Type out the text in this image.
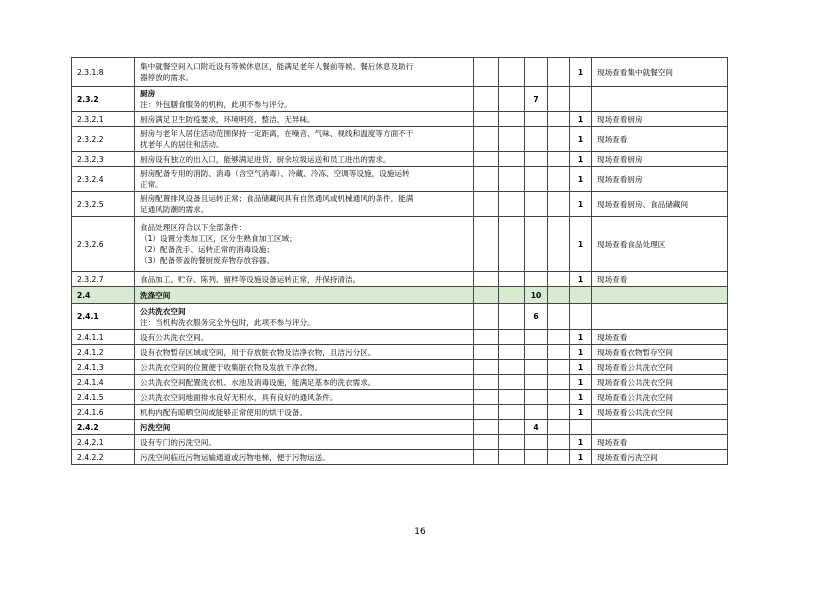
2.3.1.8	集中就餐空间入口附近设有等候休息区，能满足老年人餐前等候、餐后休息及助行
器停放的需求。					1	现场查看集中就餐空间
2.3.2	厨房
注：外包膳食服务的机构，此项不参与评分。			7			
2.3.2.1	厨房满足卫生防疫要求，环境明亮、整洁、无异味。					1	现场查看厨房
2.3.2.2	厨房与老年人居住活动范围保持一定距离，在噪音、气味、视线和温度等方面不干
扰老年人的居住和活动。					1	现场查看
2.3.2.3	厨房设有独立的出入口，能够满足进货、厨余垃圾运送和员工进出的需求。					1	现场查看厨房
2.3.2.4	厨房配备专用的消防、消毒（含空气消毒）、冷藏、冷冻、空调等设施，设施运转
正常。					1	现场查看厨房
2.3.2.5	厨房配置排风设备且运转正常；食品储藏间具有自然通风或机械通风的条件，能满
足通风防潮的需求。					1	现场查看厨房、食品储藏间
2.3.2.6	食品处理区符合以下全部条件：
（1）设置分类加工区，区分生熟食加工区域；
（2）配备洗手、运转正常的消毒设施；
（3）配备带盖的餐厨废弃物存放容器。					1	现场查看食品处理区
2.3.2.7	食品加工、贮存、陈列、留样等设施设备运转正常，并保持清洁。					1	现场查看
2.4	洗涤空间			10			
2.4.1	公共洗衣空间
注：当机构洗衣服务完全外包时，此项不参与评分。			6			
2.4.1.1	设有公共洗衣空间。					1	现场查看
2.4.1.2	设有衣物暂存区域或空间，用于存放脏衣物及洁净衣物，且洁污分区。					1	现场查看衣物暂存空间
2.4.1.3	公共洗衣空间的位置便于收集脏衣物及发放干净衣物。					1	现场查看公共洗衣空间
2.4.1.4	公共洗衣空间配置洗衣机、水池及消毒设施，能满足基本的洗衣需求。					1	现场查看公共洗衣空间
2.4.1.5	公共洗衣空间地面排水良好无积水，具有良好的通风条件。					1	现场查看公共洗衣空间
2.4.1.6	机构内配有晾晒空间或能够正常使用的烘干设备。					1	现场查看公共洗衣空间
2.4.2	污洗空间			4			
2.4.2.1	设有专门的污洗空间。					1	现场查看
2.4.2.2	污洗空间临近污物运输通道或污物电梯，便于污物运送。					1	现场查看污洗空间
16
